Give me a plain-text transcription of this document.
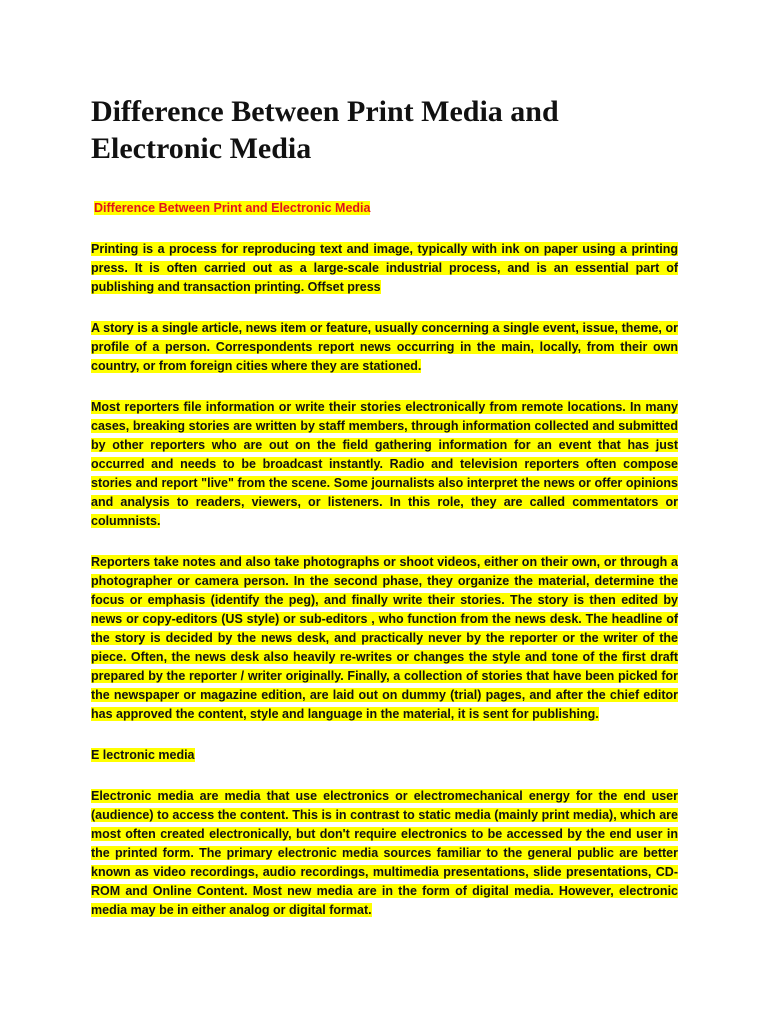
Difference Between Print Media and Electronic Media
Difference Between Print and Electronic Media

Printing is a process for reproducing text and image, typically with ink on paper using a printing press. It is often carried out as a large-scale industrial process, and is an essential part of publishing and transaction printing. Offset press

A story is a single article, news item or feature, usually concerning a single event, issue, theme, or profile of a person. Correspondents report news occurring in the main, locally, from their own country, or from foreign cities where they are stationed.

Most reporters file information or write their stories electronically from remote locations. In many cases, breaking stories are written by staff members, through information collected and submitted by other reporters who are out on the field gathering information for an event that has just occurred and needs to be broadcast instantly. Radio and television reporters often compose stories and report "live" from the scene. Some journalists also interpret the news or offer opinions and analysis to readers, viewers, or listeners. In this role, they are called commentators or columnists.

Reporters take notes and also take photographs or shoot videos, either on their own, or through a photographer or camera person. In the second phase, they organize the material, determine the focus or emphasis (identify the peg), and finally write their stories. The story is then edited by news or copy-editors (US style) or sub-editors , who function from the news desk. The headline of the story is decided by the news desk, and practically never by the reporter or the writer of the piece. Often, the news desk also heavily re-writes or changes the style and tone of the first draft prepared by the reporter / writer originally. Finally, a collection of stories that have been picked for the newspaper or magazine edition, are laid out on dummy (trial) pages, and after the chief editor has approved the content, style and language in the material, it is sent for publishing.

E lectronic media

Electronic media are media that use electronics or electromechanical energy for the end user (audience) to access the content. This is in contrast to static media (mainly print media), which are most often created electronically, but don't require electronics to be accessed by the end user in the printed form. The primary electronic media sources familiar to the general public are better known as video recordings, audio recordings, multimedia presentations, slide presentations, CD-ROM and Online Content. Most new media are in the form of digital media. However, electronic media may be in either analog or digital format.
